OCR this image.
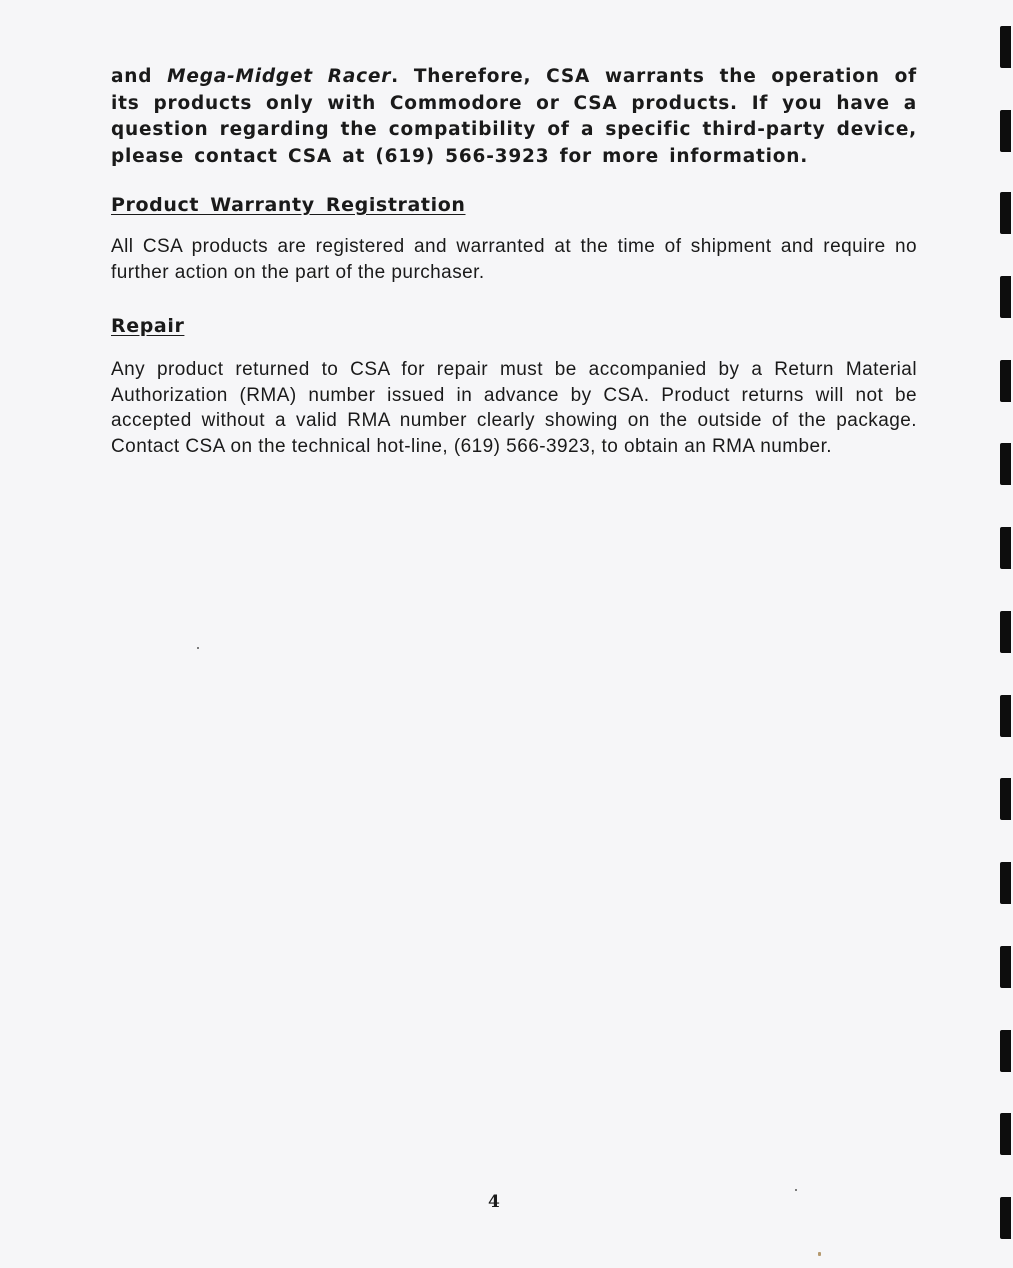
and Mega-Midget Racer. Therefore, CSA warrants the operation of its products only with Commodore or CSA products. If you have a question regarding the compatibility of a specific third-party device, please contact CSA at (619) 566-3923 for more information.

Product Warranty Registration

All CSA products are registered and warranted at the time of shipment and require no further action on the part of the purchaser.

Repair

Any product returned to CSA for repair must be accompanied by a Return Material Authorization (RMA) number issued in advance by CSA. Product returns will not be accepted without a valid RMA number clearly showing on the outside of the package. Contact CSA on the technical hot-line, (619) 566-3923, to obtain an RMA number.

4
